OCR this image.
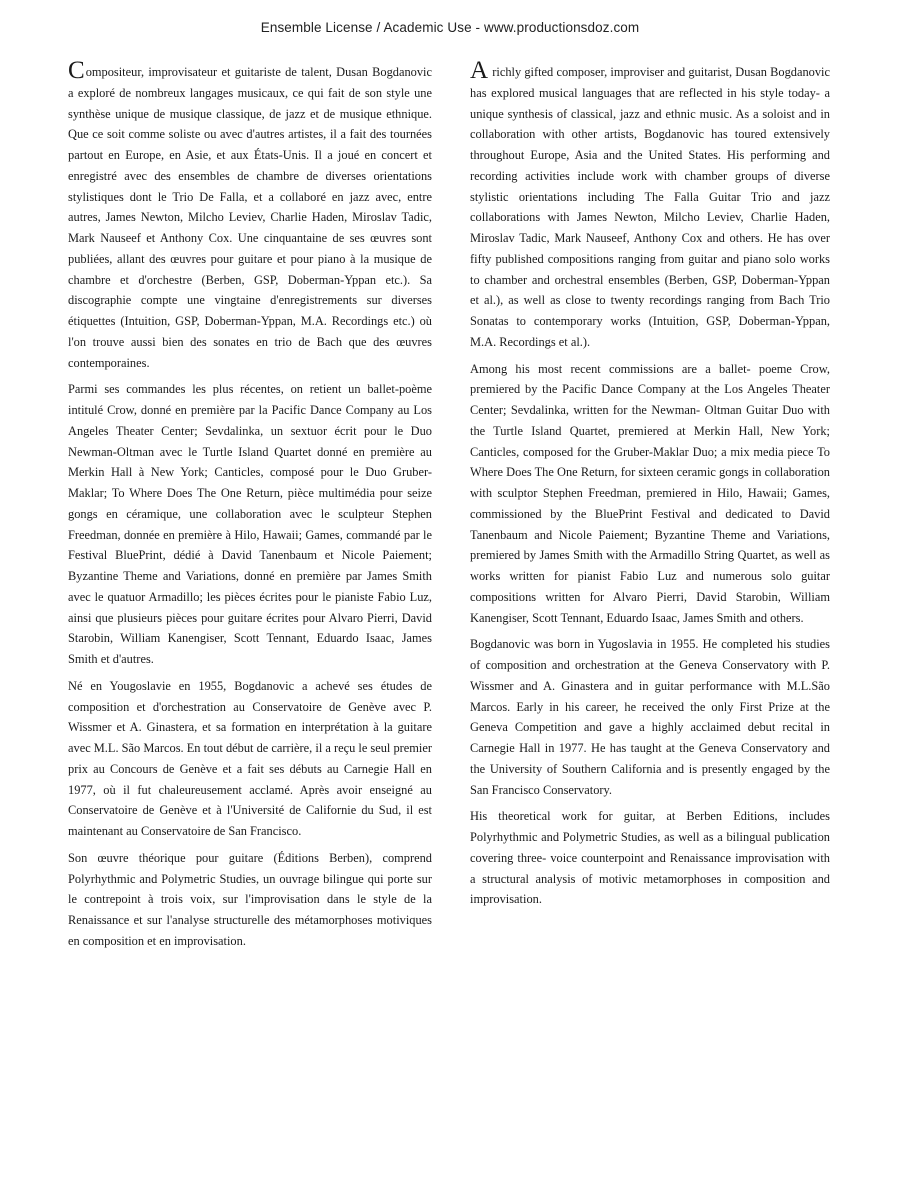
Ensemble License / Academic Use - www.productionsdoz.com

Compositeur, improvisateur et guitariste de talent, Dusan Bogdanovic a exploré de nombreux langages musicaux, ce qui fait de son style une synthèse unique de musique classique, de jazz et de musique ethnique. Que ce soit comme soliste ou avec d'autres artistes, il a fait des tournées partout en Europe, en Asie, et aux États-Unis. Il a joué en concert et enregistré avec des ensembles de chambre de diverses orientations stylistiques dont le Trio De Falla, et a collaboré en jazz avec, entre autres, James Newton, Milcho Leviev, Charlie Haden, Miroslav Tadic, Mark Nauseef et Anthony Cox. Une cinquantaine de ses œuvres sont publiées, allant des œuvres pour guitare et pour piano à la musique de chambre et d'orchestre (Berben, GSP, Doberman-Yppan etc.). Sa discographie compte une vingtaine d'enregistrements sur diverses étiquettes (Intuition, GSP, Doberman-Yppan, M.A. Recordings etc.) où l'on trouve aussi bien des sonates en trio de Bach que des œuvres contemporaines.

Parmi ses commandes les plus récentes, on retient un ballet-poème intitulé Crow, donné en première par la Pacific Dance Company au Los Angeles Theater Center; Sevdalinka, un sextuor écrit pour le Duo Newman-Oltman avec le Turtle Island Quartet donné en première au Merkin Hall à New York; Canticles, composé pour le Duo Gruber-Maklar; To Where Does The One Return, pièce multimédia pour seize gongs en céramique, une collaboration avec le sculpteur Stephen Freedman, donnée en première à Hilo, Hawaii; Games, commandé par le Festival BluePrint, dédié à David Tanenbaum et Nicole Paiement; Byzantine Theme and Variations, donné en première par James Smith avec le quatuor Armadillo; les pièces écrites pour le pianiste Fabio Luz, ainsi que plusieurs pièces pour guitare écrites pour Alvaro Pierri, David Starobin, William Kanengiser, Scott Tennant, Eduardo Isaac, James Smith et d'autres.

Né en Yougoslavie en 1955, Bogdanovic a achevé ses études de composition et d'orchestration au Conservatoire de Genève avec P. Wissmer et A. Ginastera, et sa formation en interprétation à la guitare avec M.L. São Marcos. En tout début de carrière, il a reçu le seul premier prix au Concours de Genève et a fait ses débuts au Carnegie Hall en 1977, où il fut chaleureusement acclamé. Après avoir enseigné au Conservatoire de Genève et à l'Université de Californie du Sud, il est maintenant au Conservatoire de San Francisco.

Son œuvre théorique pour guitare (Éditions Berben), comprend Polyrhythmic and Polymetric Studies, un ouvrage bilingue qui porte sur le contrepoint à trois voix, sur l'improvisation dans le style de la Renaissance et sur l'analyse structurelle des métamorphoses motiviques en composition et en improvisation.

A richly gifted composer, improviser and guitarist, Dusan Bogdanovic has explored musical languages that are reflected in his style today- a unique synthesis of classical, jazz and ethnic music. As a soloist and in collaboration with other artists, Bogdanovic has toured extensively throughout Europe, Asia and the United States. His performing and recording activities include work with chamber groups of diverse stylistic orientations including The Falla Guitar Trio and jazz collaborations with James Newton, Milcho Leviev, Charlie Haden, Miroslav Tadic, Mark Nauseef, Anthony Cox and others. He has over fifty published compositions ranging from guitar and piano solo works to chamber and orchestral ensembles (Berben, GSP, Doberman-Yppan et al.), as well as close to twenty recordings ranging from Bach Trio Sonatas to contemporary works (Intuition, GSP, Doberman-Yppan, M.A. Recordings et al.).

Among his most recent commissions are a ballet- poeme Crow, premiered by the Pacific Dance Company at the Los Angeles Theater Center; Sevdalinka, written for the Newman- Oltman Guitar Duo with the Turtle Island Quartet, premiered at Merkin Hall, New York; Canticles, composed for the Gruber-Maklar Duo; a mix media piece To Where Does The One Return, for sixteen ceramic gongs in collaboration with sculptor Stephen Freedman, premiered in Hilo, Hawaii; Games, commissioned by the BluePrint Festival and dedicated to David Tanenbaum and Nicole Paiement; Byzantine Theme and Variations, premiered by James Smith with the Armadillo String Quartet, as well as works written for pianist Fabio Luz and numerous solo guitar compositions written for Alvaro Pierri, David Starobin, William Kanengiser, Scott Tennant, Eduardo Isaac, James Smith and others.

Bogdanovic was born in Yugoslavia in 1955. He completed his studies of composition and orchestration at the Geneva Conservatory with P. Wissmer and A. Ginastera and in guitar performance with M.L.São Marcos. Early in his career, he received the only First Prize at the Geneva Competition and gave a highly acclaimed debut recital in Carnegie Hall in 1977. He has taught at the Geneva Conservatory and the University of Southern California and is presently engaged by the San Francisco Conservatory.

His theoretical work for guitar, at Berben Editions, includes Polyrhythmic and Polymetric Studies, as well as a bilingual publication covering three- voice counterpoint and Renaissance improvisation with a structural analysis of motivic metamorphoses in composition and improvisation.
